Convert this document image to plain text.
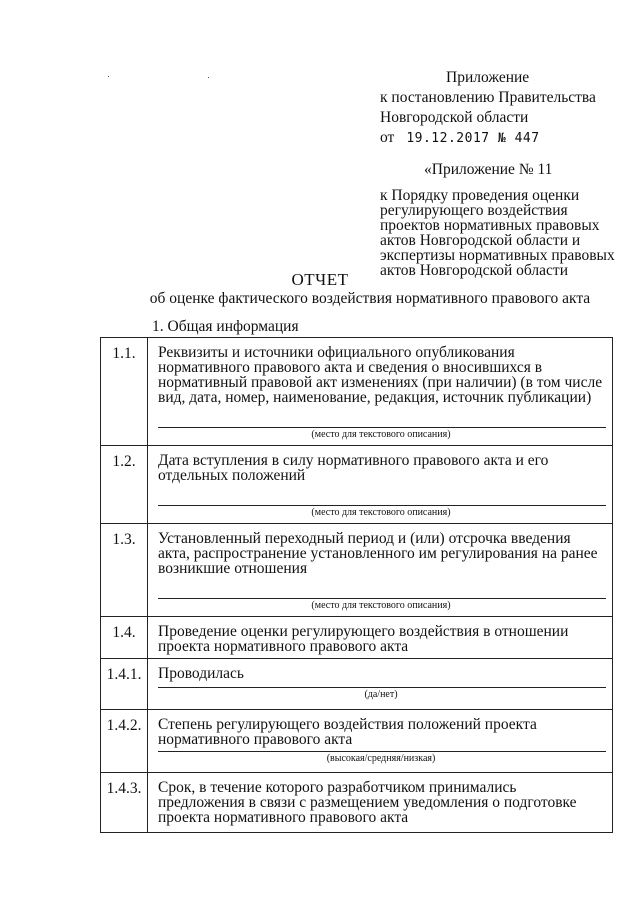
Приложение
к постановлению Правительства
Новгородской области
от 19.12.2017 № 447
«Приложение № 11
к Порядку проведения оценки регулирующего воздействия проектов нормативных правовых актов Новгородской области и экспертизы нормативных правовых актов Новгородской области
ОТЧЕТ
об оценке фактического воздействия нормативного правового акта
1. Общая информация
1.1.	Реквизиты и источники официального опубликования нормативного правового акта и сведения о вносившихся в нормативный правовой акт изменениях (при наличии) (в том числе вид, дата, номер, наименование, редакция, источник публикации)
(место для текстового описания)

1.2.	Дата вступления в силу нормативного правового акта и его отдельных положений
(место для текстового описания)

1.3.	Установленный переходный период и (или) отсрочка введения акта, распространение установленного им регулирования на ранее возникшие отношения
(место для текстового описания)

1.4.	Проведение оценки регулирующего воздействия в отношении проекта нормативного правового акта

1.4.1.	Проводилась
(да/нет)

1.4.2.	Степень регулирующего воздействия положений проекта нормативного правового акта
(высокая/средняя/низкая)

1.4.3.	Срок, в течение которого разработчиком принимались предложения в связи с размещением уведомления о подготовке проекта нормативного правового акта
